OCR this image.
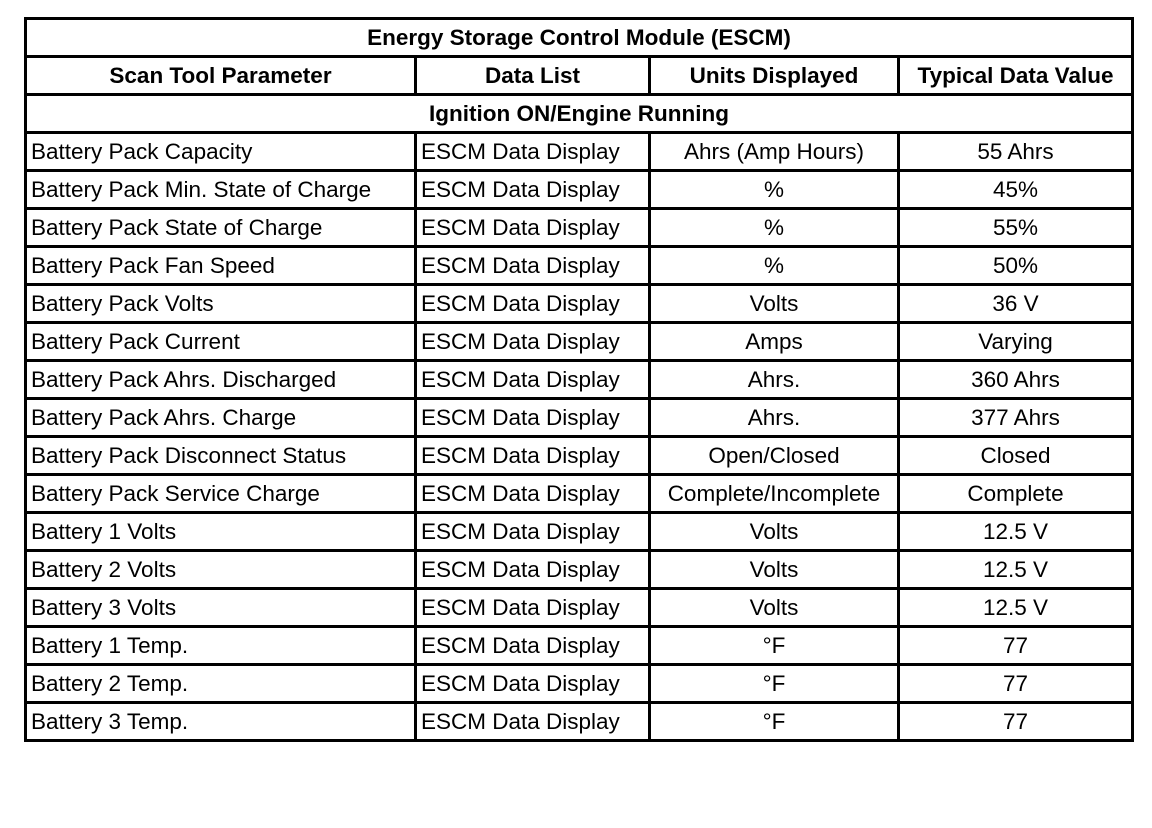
Energy Storage Control Module (ESCM)			
Scan Tool Parameter	Data List	Units Displayed	Typical Data Value
Ignition ON/Engine Running			
Battery Pack Capacity	ESCM Data Display	Ahrs (Amp Hours)	55 Ahrs
Battery Pack Min. State of Charge	ESCM Data Display	%	45%
Battery Pack State of Charge	ESCM Data Display	%	55%
Battery Pack Fan Speed	ESCM Data Display	%	50%
Battery Pack Volts	ESCM Data Display	Volts	36 V
Battery Pack Current	ESCM Data Display	Amps	Varying
Battery Pack Ahrs. Discharged	ESCM Data Display	Ahrs.	360 Ahrs
Battery Pack Ahrs. Charge	ESCM Data Display	Ahrs.	377 Ahrs
Battery Pack Disconnect Status	ESCM Data Display	Open/Closed	Closed
Battery Pack Service Charge	ESCM Data Display	Complete/Incomplete	Complete
Battery 1 Volts	ESCM Data Display	Volts	12.5 V
Battery 2 Volts	ESCM Data Display	Volts	12.5 V
Battery 3 Volts	ESCM Data Display	Volts	12.5 V
Battery 1 Temp.	ESCM Data Display	°F	77
Battery 2 Temp.	ESCM Data Display	°F	77
Battery 3 Temp.	ESCM Data Display	°F	77
